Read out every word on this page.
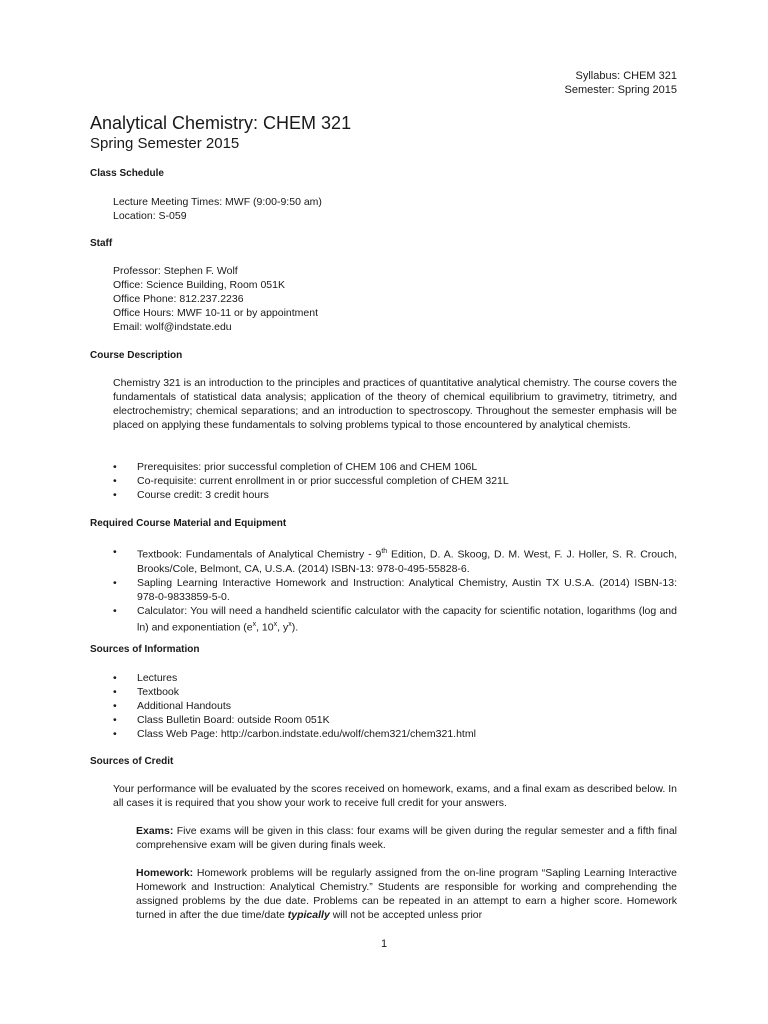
Syllabus: CHEM 321
Semester: Spring 2015
Analytical Chemistry: CHEM 321
Spring Semester 2015
Class Schedule
Lecture Meeting Times: MWF (9:00-9:50 am)
Location: S-059
Staff
Professor: Stephen F. Wolf
Office: Science Building, Room 051K
Office Phone: 812.237.2236
Office Hours: MWF 10-11 or by appointment
Email: wolf@indstate.edu
Course Description
Chemistry 321 is an introduction to the principles and practices of quantitative analytical chemistry. The course covers the fundamentals of statistical data analysis; application of the theory of chemical equilibrium to gravimetry, titrimetry, and electrochemistry; chemical separations; and an introduction to spectroscopy. Throughout the semester emphasis will be placed on applying these fundamentals to solving problems typical to those encountered by analytical chemists.
•	Prerequisites: prior successful completion of CHEM 106 and CHEM 106L
•	Co-requisite: current enrollment in or prior successful completion of CHEM 321L
•	Course credit: 3 credit hours
Required Course Material and Equipment
•	Textbook: Fundamentals of Analytical Chemistry - 9th Edition, D. A. Skoog, D. M. West, F. J. Holler, S. R. Crouch, Brooks/Cole, Belmont, CA, U.S.A. (2014) ISBN-13: 978-0-495-55828-6.
•	Sapling Learning Interactive Homework and Instruction: Analytical Chemistry, Austin TX U.S.A. (2014) ISBN-13: 978-0-9833859-5-0.
•	Calculator: You will need a handheld scientific calculator with the capacity for scientific notation, logarithms (log and ln) and exponentiation ($e^x$, 10$^x$, $y^x$).
Sources of Information
•	Lectures
•	Textbook
•	Additional Handouts
•	Class Bulletin Board: outside Room 051K
•	Class Web Page: http://carbon.indstate.edu/wolf/chem321/chem321.html
Sources of Credit
Your performance will be evaluated by the scores received on homework, exams, and a final exam as described below. In all cases it is required that you show your work to receive full credit for your answers.
Exams: Five exams will be given in this class: four exams will be given during the regular semester and a fifth final comprehensive exam will be given during finals week.
Homework: Homework problems will be regularly assigned from the on-line program “Sapling Learning Interactive Homework and Instruction: Analytical Chemistry.” Students are responsible for working and comprehending the assigned problems by the due date. Problems can be repeated in an attempt to earn a higher score. Homework turned in after the due time/date typically will not be accepted unless prior
1
